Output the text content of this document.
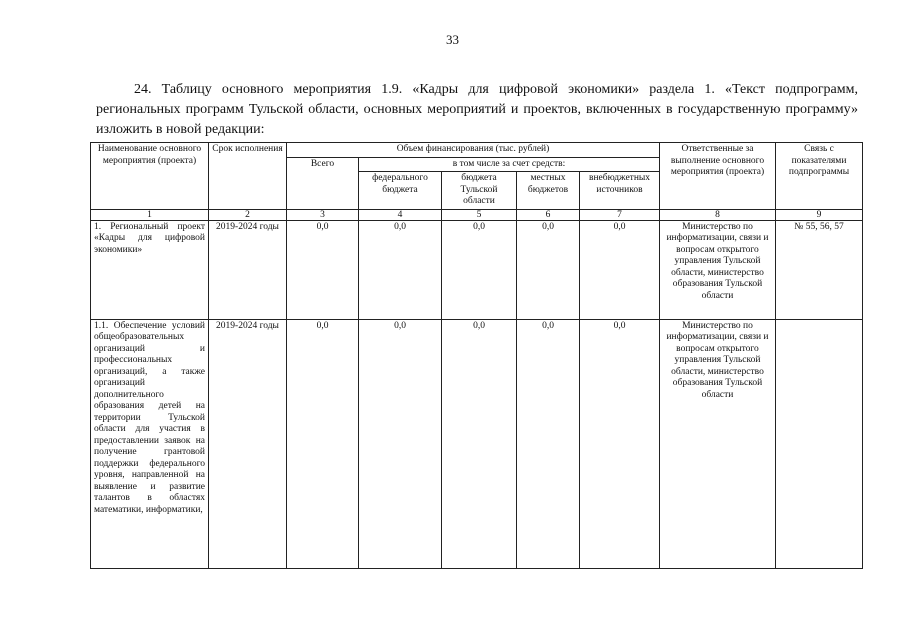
33

24. Таблицу основного мероприятия 1.9. «Кадры для цифровой экономики» раздела 1. «Текст подпрограмм, региональных программ Тульской области, основных мероприятий и проектов, включенных в государственную программу» изложить в новой редакции:

Наименование основного мероприятия (проекта)	Срок исполнения	Объем финансирования (тыс. рублей)					Ответственные за выполнение основного мероприятия (проекта)	Связь с показателями подпрограммы
		Всего	в том числе за счет средств:					
			федерального бюджета	бюджета Тульской области	местных бюджетов	внебюджетных источников		
1	2	3	4	5	6	7	8	9
1. Региональный проект «Кадры для цифровой экономики»	2019-2024 годы	0,0	0,0	0,0	0,0	0,0	Министерство по информатизации, связи и вопросам открытого управления Тульской области, министерство образования Тульской области	№ 55, 56, 57
1.1. Обеспечение условий общеобразовательных организаций и профессиональных организаций, а также организаций дополнительного образования детей на территории Тульской области для участия в предоставлении заявок на получение грантовой поддержки федерального уровня, направленной на выявление и развитие талантов в областях математики, информатики,	2019-2024 годы	0,0	0,0	0,0	0,0	0,0	Министерство по информатизации, связи и вопросам открытого управления Тульской области, министерство образования Тульской области	
